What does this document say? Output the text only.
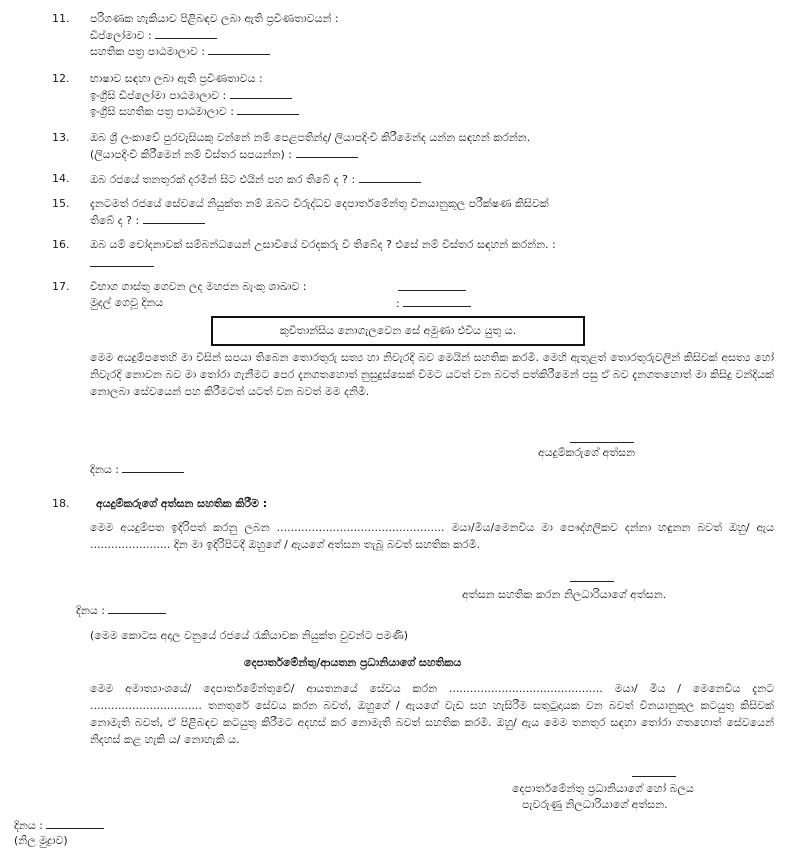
11. පරිගණක හැකියාව පිළිබඳව ලබා ඇති ප්‍රවීණතාවයන් :
ඩිප්ලෝමාව :
සහතික පත්‍ර පාඨමාලාව :
12. භාෂාව සඳහා ලබා ඇති ප්‍රවීණතාවය :
ඉංග්‍රීසි ඩිප්ලෝමා පාඨමාලාව :
ඉංග්‍රීසි සහතික පත්‍ර පාඨමාලාව :
13. ඔබ ශ්‍රී ලංකාවේ පුරවැසියකු වන්නේ නම් පෙළපතින්ද/ ලියාපදිංචි කිරීමෙන්ද යන්න සඳහන් කරන්න.
(ලියාපදිංචි කිරීමෙන් නම් විස්තර සපයන්න) :
14. ඔබ රජයේ තනතුරක් දරමින් සිට එයින් පහ කර තිබේ ද ? :
15. දැනටමත් රජයේ සේවයේ නියුක්ත නම් ඔබට විරුද්ධව දෙපාර්තමේන්තු විනයානුකූල පරීක්ෂණ කිසිවක්
තිබේ ද ? :
16. ඔබ යම් චෝදනාවක් සම්බන්ධයෙන් උසාවියේ වරදකරු වී තිබේද ? එසේ නම් විස්තර සඳහන් කරන්න. :
17. විභාග ගාස්තු ගෙවන ලද මහජන බැංකු ශාඛාව :
මුදල් ගෙවූ දිනය	:
කුවිතාන්සිය නොගැලවෙන සේ අමුණා එවිය යුතු ය.
මෙම අයදුම්පතෙහි මා විසින් සපයා තිබෙන තොරතුරු සත්‍ය හා නිවැරදි බව මෙයින් සහතික කරමි. මෙහි ඇතුළත් තොරතුරුවලින් කිසිවක් අසත්‍ය හෝ නිවැරදි නොවන බව මා තෝරා ගැනීමට පෙර දැනගතහොත් නුසුදුස්සෙක් වීමට යටත් වන බවත් පත්කිරීමෙන් පසු ඒ බව දැනගතහොත් මා කිසිදු වන්දියක් නොලබා සේවයෙන් පහ කිරීමටත් යටත් වන බවත් මම දනිමි.
අයදුම්කරුගේ අත්සන
දිනය :
18. අයදුම්කරුගේ අත්සන සහතික කිරීම :
මෙම අයදුම්පත ඉදිරිපත් කරනු ලබන ................................................ මයා/මිය/මෙනවිය මා පෞද්ගලිකව දන්නා හඳුනන බවත් ඔහු/ ඇය ....................... දින මා ඉදිරිපිටදී ඔහුගේ / ඇයගේ අත්සන තැබූ බවත් සහතික කරමි.
අත්සන සහතික කරන නිලධාරියාගේ අත්සන.
දිනය :
(මෙම කොටස අදාල වනුයේ රජයේ රැකියාවක නියුක්ත වුවන්ට පමණි)
දෙපාර්තමේන්තු/ආයතන ප්‍රධානියාගේ සහතිකය
මෙම අමාත්‍යාංශයේ/ දෙපාර්තමේන්තුවේ/ ආයතනයේ සේවය කරන ............................................ මයා/ මිය / මෙනෙවිය දැනට ................................ තනතුරේ සේවය කරන බවත්, ඔහුගේ / ඇයගේ වැඩ සහ හැසිරීම සතුටුදායක වන බවත් විනයානුකූල කටයුතු කිසිවක් නොමැති බවත්, ඒ පිළිබඳව කටයුතු කිරීමට අදහස් කර නොමැති බවත් සහතික කරමි. ඔහු/ ඇය මෙම තනතුර සඳහා තෝරා ගතහොත් සේවයෙන් නිදහස් කළ හැකි ය/ නොහැකි ය.
දෙපාර්තමේන්තු ප්‍රධානියාගේ හෝ බලය
පැවරුණු නිලධාරියාගේ අත්සන.
දිනය :
(නිල මුද්‍රාව)
